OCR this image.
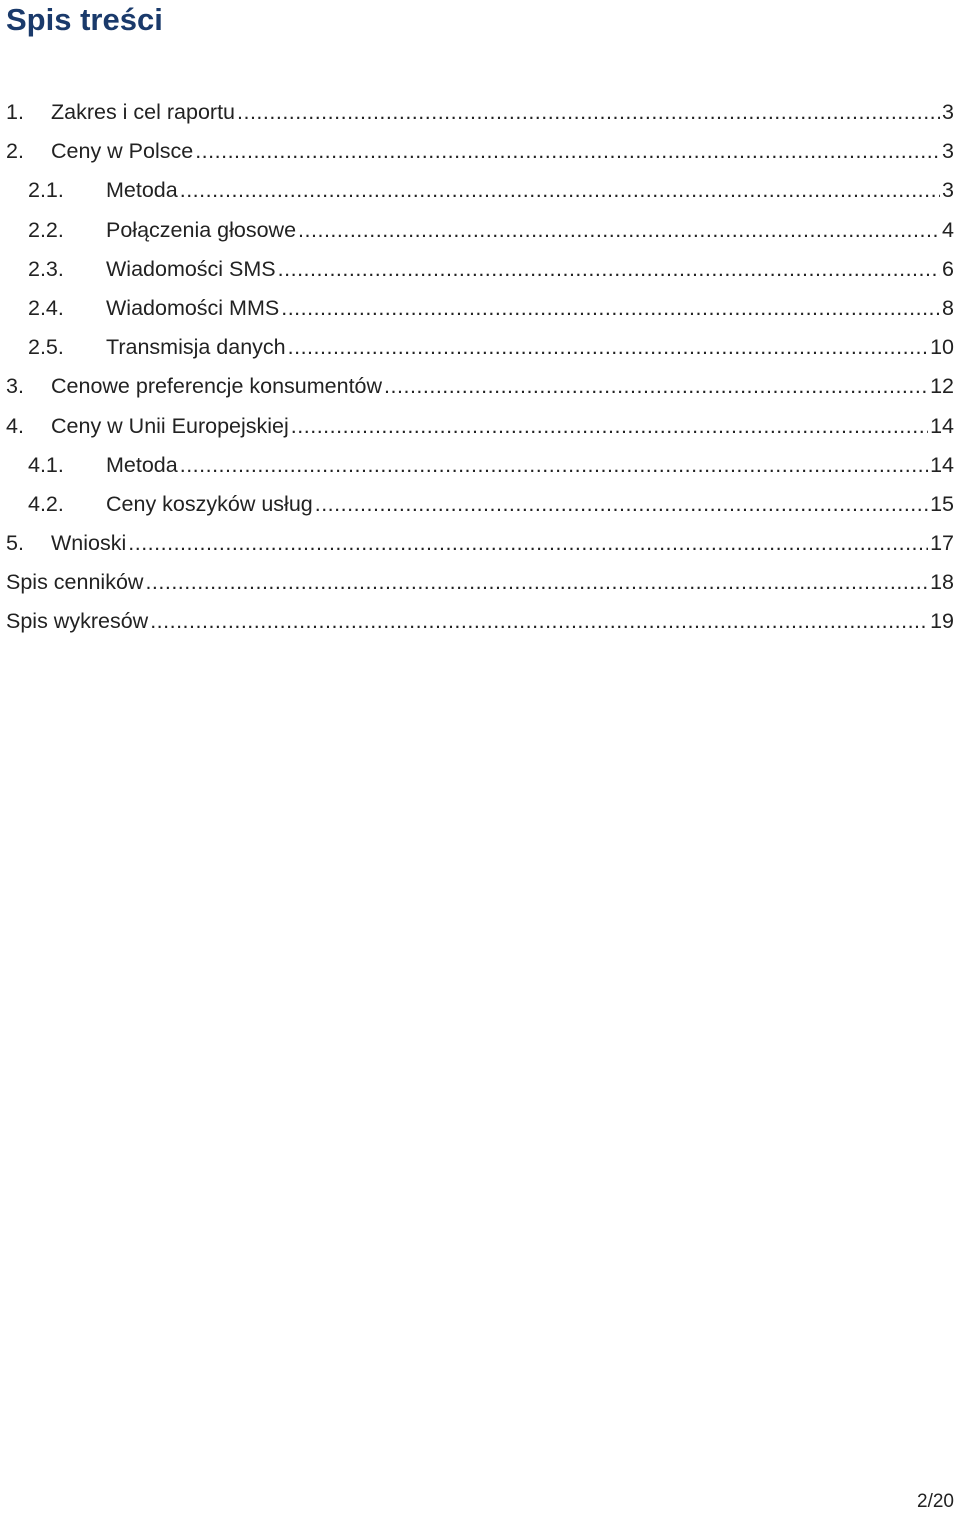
Spis treści
1. Zakres i cel raportu .....	3
2. Ceny w Polsce .....	3
2.1. Metoda .....	3
2.2. Połączenia głosowe .....	4
2.3. Wiadomości SMS .....	6
2.4. Wiadomości MMS .....	8
2.5. Transmisja danych .....	10
3. Cenowe preferencje konsumentów .....	12
4. Ceny w Unii Europejskiej .....	14
4.1. Metoda .....	14
4.2. Ceny koszyków usług .....	15
5. Wnioski .....	17
Spis cenników .....	18
Spis wykresów .....	19
2/20
